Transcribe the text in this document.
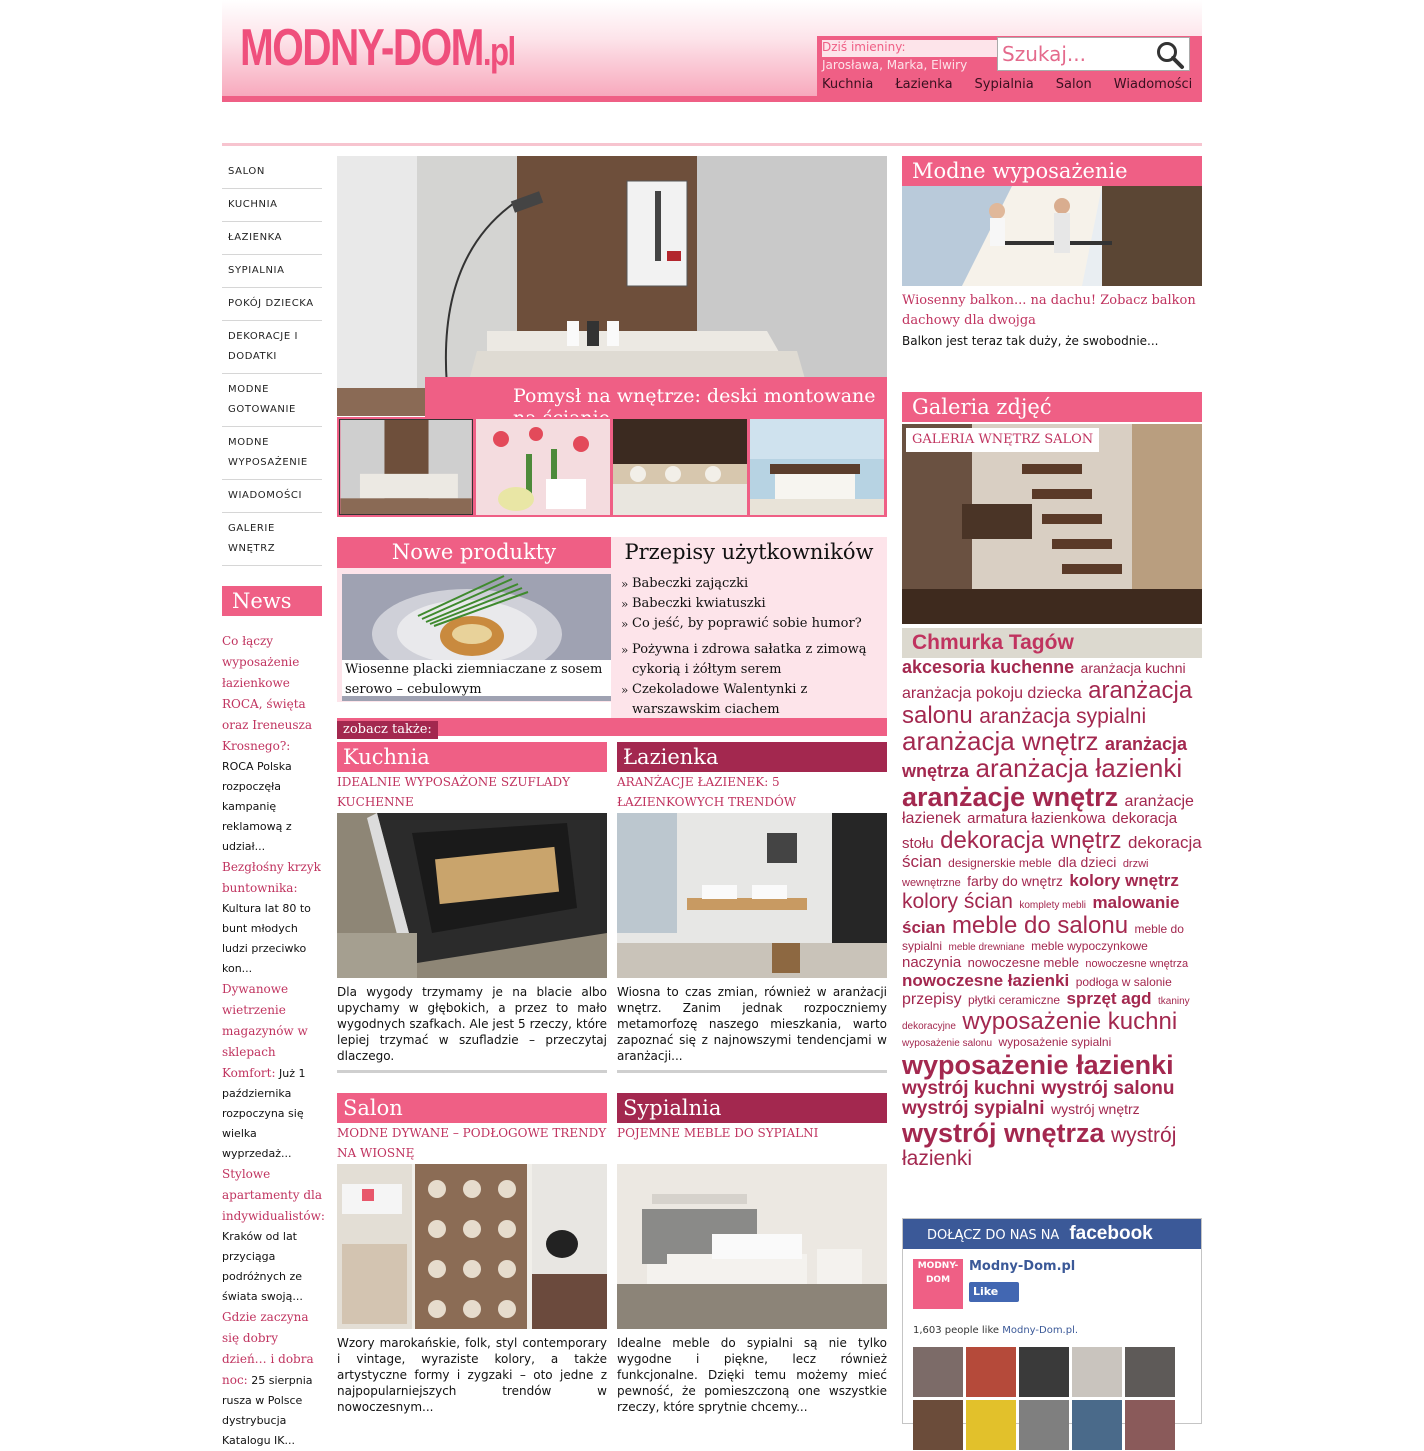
MODNY-DOM.pl	Dziś imieniny:
Jarosława, Marka, Elwiry
Szukaj...
Kuchnia Łazienka Sypialnia Salon Wiadomości
SALON
KUCHNIA
ŁAZIENKA
SYPIALNIA
POKÓJ DZIECKA
DEKORACJE I DODATKI
MODNE GOTOWANIE
MODNE WYPOSAŻENIE
WIADOMOŚCI
GALERIE WNĘTRZ
News
Co łączy wyposażenie łazienkowe ROCA, święta oraz Ireneusza Krosnego?: ROCA Polska rozpoczęła kampanię reklamową z udział...
Bezgłośny krzyk buntownika: Kultura lat 80 to bunt młodych ludzi przeciwko kon...
Dywanowe wietrzenie magazynów w sklepach Komfort: Już 1 października rozpoczyna się wielka wyprzedaż...
Stylowe apartamenty dla indywidualistów: Kraków od lat przyciąga podróżnych ze świata swoją...
Gdzie zaczyna się dobry dzień… i dobra noc: 25 sierpnia rusza w Polsce dystrybucja Katalogu IK...
Pomysł na wnętrze: deski montowane
Nowe produkty
Wiosenne placki ziemniaczane z sosem serowo – cebulowym
Przepisy użytkowników
» Babeczki zajączki
» Babeczki kwiatuszki
» Co jeść, by poprawić sobie humor?
» Pożywna i zdrowa sałatka z zimową cykorią i żółtym serem
» Czekoladowe Walentynki z warszawskim ciachem
zobacz także:
Kuchnia
IDEALNIE WYPOSAŻONE SZUFLADY KUCHENNE
Dla wygody trzymamy je na blacie albo upychamy w głębokich, a przez to mało wygodnych szafkach. Ale jest 5 rzeczy, które lepiej trzymać w szufladzie – przeczytaj dlaczego.
Łazienka
ARANŻACJE ŁAZIENEK: 5 ŁAZIENKOWYCH TRENDÓW
Wiosna to czas zmian, również w aranżacji wnętrz. Zanim jednak rozpoczniemy metamorfozę naszego mieszkania, warto zapoznać się z najnowszymi tendencjami w aranżacji...
Salon
MODNE DYWANE – PODŁOGOWE TRENDY NA WIOSNĘ
Wzory marokańskie, folk, styl contemporary i vintage, wyraziste kolory, a także artystyczne formy i zygzaki – oto jedne z najpopularniejszych trendów w nowoczesnym...
Sypialnia
POJEMNE MEBLE DO SYPIALNI
Idealne meble do sypialni są nie tylko wygodne i piękne, lecz również funkcjonalne. Dzięki temu możemy mieć pewność, że pomieszczoną one wszystkie rzeczy, które sprytnie chcemy...
Modne wyposażenie
Wiosenny balkon... na dachu! Zobacz balkon dachowy dla dwojga
Balkon jest teraz tak duży, że swobodnie...
Galeria zdjęć
GALERIA WNĘTRZ SALON
Chmurka Tagów
akcesoria kuchenne aranżacja kuchni aranżacja pokoju dziecka aranżacja salonu aranżacja sypialni aranżacja wnętrz aranżacja wnętrza aranżacja łazienki aranżacje wnętrz aranżacje łazienek armatura łazienkowa dekoracja stołu dekoracja wnętrz dekoracja ścian designerskie meble dla dzieci drzwi wewnętrzne farby do wnętrz kolory wnętrz kolory ścian komplety mebli malowanie ścian meble do salonu meble do sypialni meble drewniane meble wypoczynkowe naczynia nowoczesne meble nowoczesne wnętrza nowoczesne łazienki podłoga w salonie przepisy płytki ceramiczne sprzęt agd tkaniny dekoracyjne wyposażenie kuchni wyposażenie salonu wyposażenie sypialni wyposażenie łazienki wystrój kuchni wystrój salonu wystrój sypialni wystrój wnętrz wystrój wnętrza wystrój łazienki
DOŁĄCZ DO NAS NA facebook
MODNY-DOM
Modny-Dom.pl
Like
1,603 people like Modny-Dom.pl.
